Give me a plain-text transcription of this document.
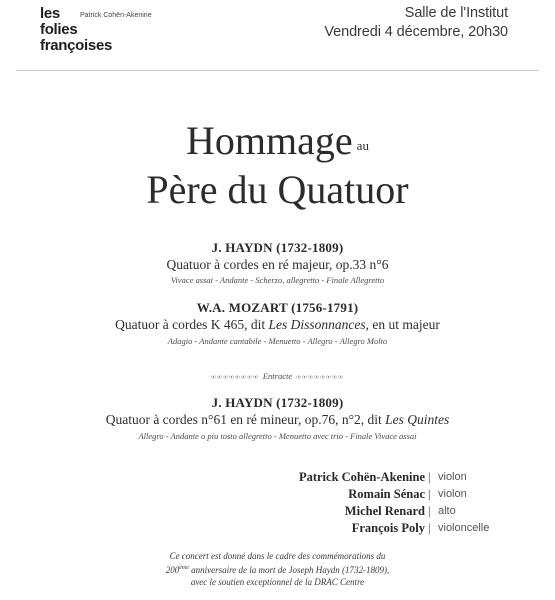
les
folies
françoises
Patrick Cohën-Akenine	Salle de l'Institut
Vendredi 4 décembre, 20h30
Hommage au
Père du Quatuor
J. HAYDN (1732-1809)
Quatuor à cordes en ré majeur, op.33 n°6
Vivace assai - Andante - Scherzo, allegretto - Finale Allegretto
W.A. MOZART (1756-1791)
Quatuor à cordes K 465, dit Les Dissonnances, en ut majeur
Adagio - Andante cantabile - Menuetto - Allegro - Allegro Molto
∞∞∞∞∞∞∞∞ Entracte ∞∞∞∞∞∞∞∞
J. HAYDN (1732-1809)
Quatuor à cordes n°61 en ré mineur, op.76, n°2, dit Les Quintes
Allegro - Andante o piu tosto allegretto - Menuetto avec trio - Finale Vivace assai
Patrick Cohën-Akenine | violon
Romain Sénac | violon
Michel Renard | alto
François Poly | violoncelle
Ce concert est donné dans le cadre des commémorations du
200ème anniversaire de la mort de Joseph Haydn (1732-1809),
avec le soutien exceptionnel de la DRAC Centre
